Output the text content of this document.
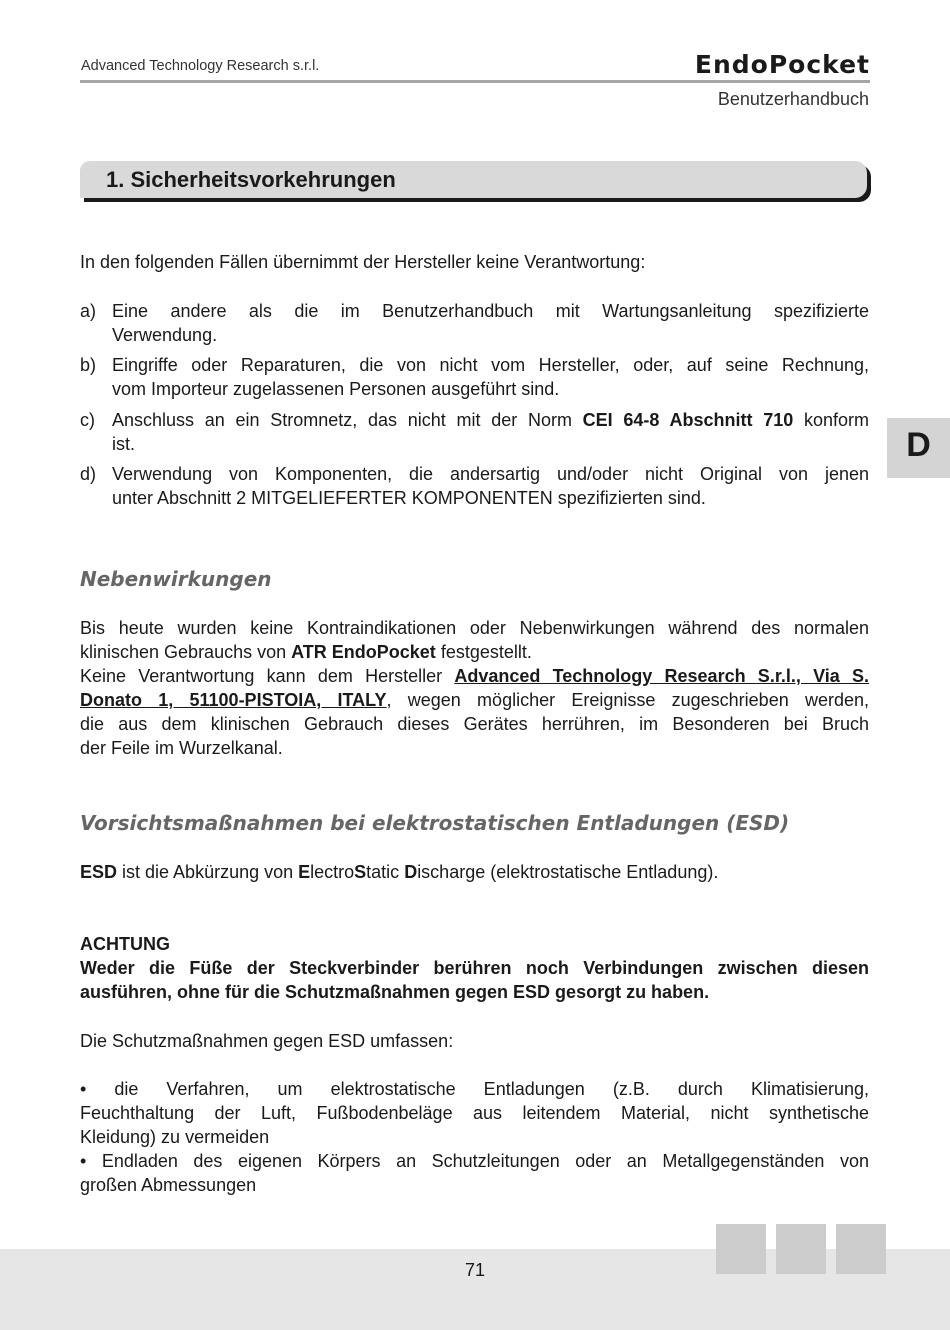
Advanced Technology Research s.r.l.	EndoPocket
Benutzerhandbuch
1. Sicherheitsvorkehrungen
D
In den folgenden Fällen übernimmt der Hersteller keine Verantwortung:
a) Eine andere als die im Benutzerhandbuch mit Wartungsanleitung spezifizierte
Verwendung.
b) Eingriffe oder Reparaturen, die von nicht vom Hersteller, oder, auf seine Rechnung,
vom Importeur zugelassenen Personen ausgeführt sind.
c) Anschluss an ein Stromnetz, das nicht mit der Norm CEI 64-8 Abschnitt 710 konform
ist.
d) Verwendung von Komponenten, die andersartig und/oder nicht Original von jenen
unter Abschnitt 2 MITGELIEFERTER KOMPONENTEN spezifizierten sind.
Nebenwirkungen
Bis heute wurden keine Kontraindikationen oder Nebenwirkungen während des normalen
klinischen Gebrauchs von ATR EndoPocket festgestellt.
Keine Verantwortung kann dem Hersteller Advanced Technology Research S.r.l., Via S.
Donato 1, 51100-PISTOIA, ITALY, wegen möglicher Ereignisse zugeschrieben werden,
die aus dem klinischen Gebrauch dieses Gerätes herrühren, im Besonderen bei Bruch
der Feile im Wurzelkanal.
Vorsichtsmaßnahmen bei elektrostatischen Entladungen (ESD)
ESD ist die Abkürzung von ElectroStatic Discharge (elektrostatische Entladung).
ACHTUNG
Weder die Füße der Steckverbinder berühren noch Verbindungen zwischen diesen
ausführen, ohne für die Schutzmaßnahmen gegen ESD gesorgt zu haben.
Die Schutzmaßnahmen gegen ESD umfassen:
• die Verfahren, um elektrostatische Entladungen (z.B. durch Klimatisierung,
Feuchthaltung der Luft, Fußbodenbeläge aus leitendem Material, nicht synthetische
Kleidung) zu vermeiden
• Endladen des eigenen Körpers an Schutzleitungen oder an Metallgegenständen von
großen Abmessungen
71
